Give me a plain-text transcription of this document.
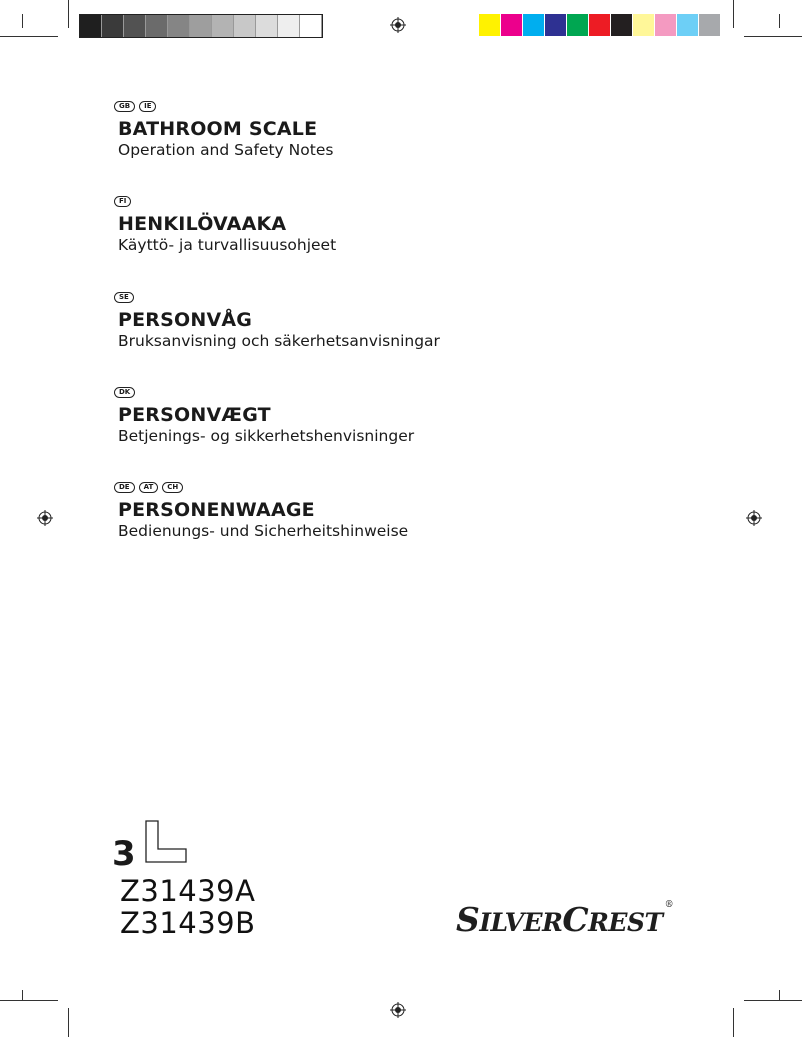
GB	IE
BATHROOM SCALE
Operation and Safety Notes
FI
HENKILÖVAAKA
Käyttö- ja turvallisuusohjeet
SE
PERSONVÅG
Bruksanvisning och säkerhetsanvisningar
DK
PERSONVÆGT
Betjenings- og sikkerhetshenvisninger
DE	AT	CH
PERSONENWAAGE
Bedienungs- und Sicherheitshinweise
3
Z31439A
Z31439B	SILVERCREST®
